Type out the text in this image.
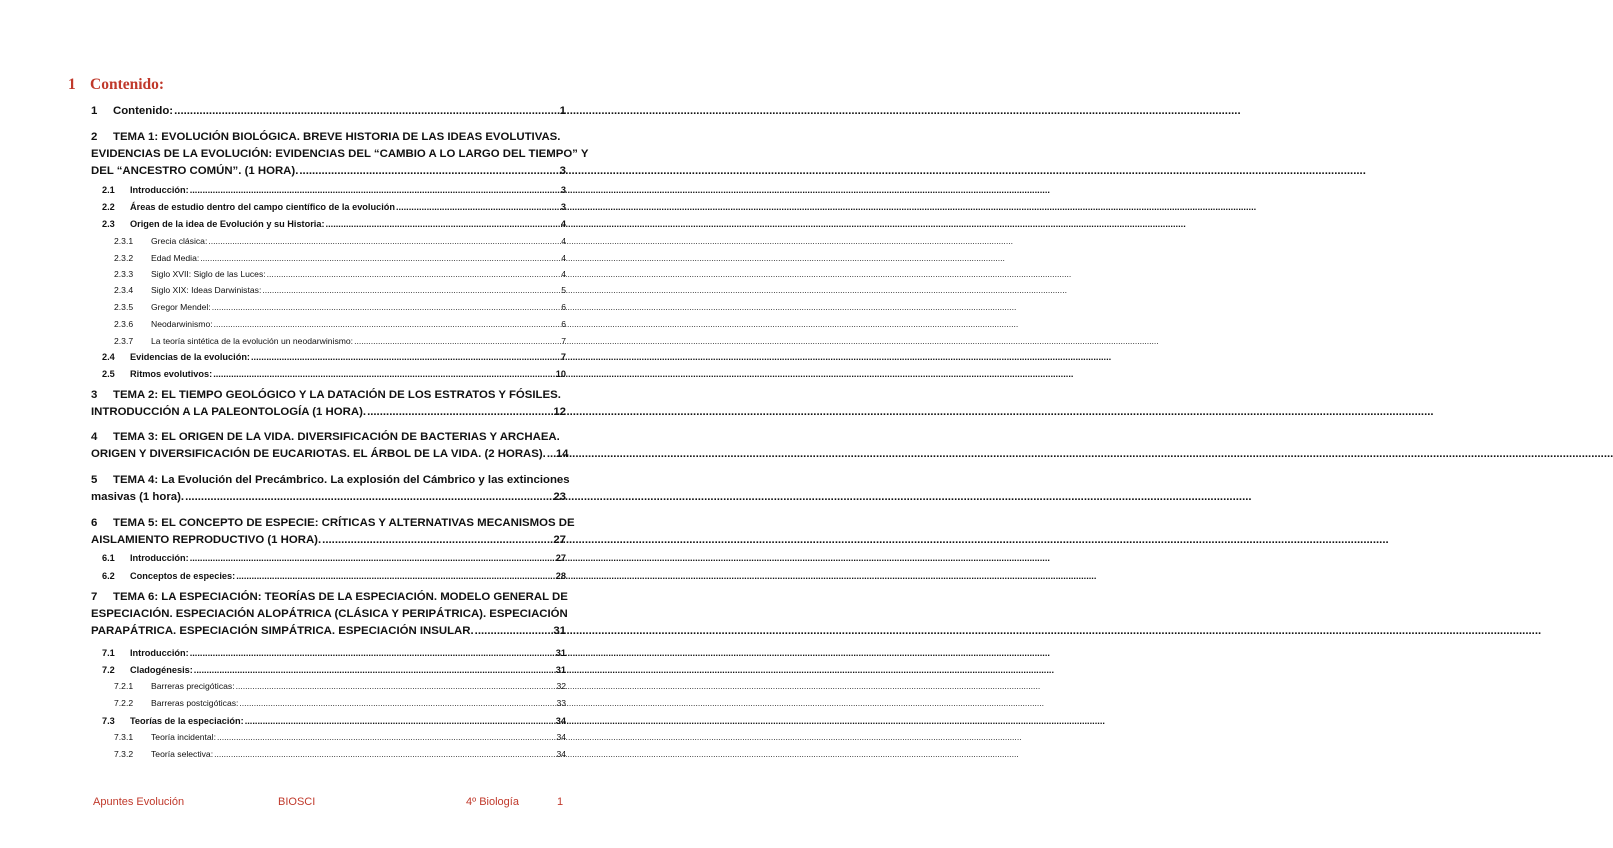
1 Contenido:
1	Contenido: .....	1
2 TEMA 1: EVOLUCIÓN BIOLÓGICA. BREVE HISTORIA DE LAS IDEAS EVOLUTIVAS.
EVIDENCIAS DE LA EVOLUCIÓN: EVIDENCIAS DEL “CAMBIO A LO LARGO DEL TIEMPO” Y
DEL “ANCESTRO COMÚN”. (1 HORA). .....	3
2.1	Introducción: .....	3
2.2	Áreas de estudio dentro del campo científico de la evolución .....	3
2.3	Origen de la idea de Evolución y su Historia: .....	4
2.3.1	Grecia clásica: .....	4
2.3.2	Edad Media: .....	4
2.3.3	Siglo XVII: Siglo de las Luces: .....	4
2.3.4	Siglo XIX: Ideas Darwinistas: .....	5
2.3.5	Gregor Mendel: .....	6
2.3.6	Neodarwinismo: .....	6
2.3.7	La teoría sintética de la evolución un neodarwinismo: .....	7
2.4	Evidencias de la evolución: .....	7
2.5	Ritmos evolutivos: .....	10
3 TEMA 2: EL TIEMPO GEOLÓGICO Y LA DATACIÓN DE LOS ESTRATOS Y FÓSILES.
INTRODUCCIÓN A LA PALEONTOLOGÍA (1 HORA). .....	12
4 TEMA 3: EL ORIGEN DE LA VIDA. DIVERSIFICACIÓN DE BACTERIAS Y ARCHAEA.
ORIGEN Y DIVERSIFICACIÓN DE EUCARIOTAS. EL ÁRBOL DE LA VIDA. (2 HORAS). ..... 14
5 TEMA 4: La Evolución del Precámbrico. La explosión del Cámbrico y las extinciones
masivas (1 hora). .....	23
6 TEMA 5: EL CONCEPTO DE ESPECIE: CRÍTICAS Y ALTERNATIVAS MECANISMOS DE
AISLAMIENTO REPRODUCTIVO (1 HORA). .....	27
6.1	Introducción: .....	27
6.2	Conceptos de especies: .....	28
7 TEMA 6: LA ESPECIACIÓN: TEORÍAS DE LA ESPECIACIÓN. MODELO GENERAL DE
ESPECIACIÓN. ESPECIACIÓN ALOPÁTRICA (CLÁSICA Y PERIPÁTRICA). ESPECIACIÓN
PARAPÁTRICA. ESPECIACIÓN SIMPÁTRICA. ESPECIACIÓN INSULAR. .....	31
7.1	Introducción: .....	31
7.2	Cladogénesis: .....	31
7.2.1	Barreras precigóticas: .....	32
7.2.2	Barreras postcigóticas: .....	33
7.3	Teorías de la especiación: .....	34
7.3.1	Teoría incidental: .....	34
7.3.2	Teoría selectiva: .....	34
Apuntes Evolución	BIOSCI	4º Biología	1
